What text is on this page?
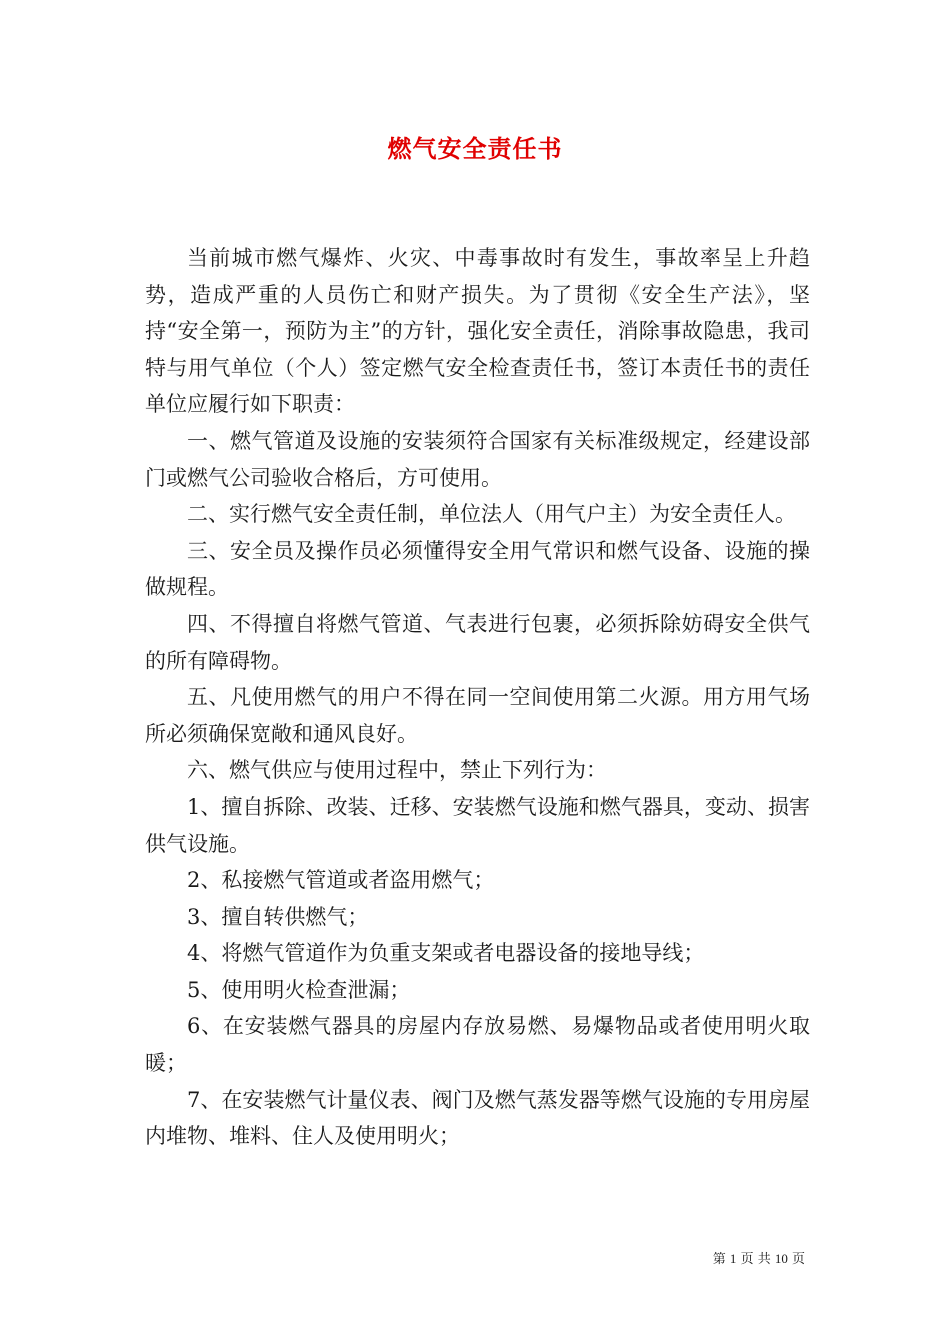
燃气安全责任书

当前城市燃气爆炸、火灾、中毒事故时有发生，事故率呈上升趋势，造成严重的人员伤亡和财产损失。为了贯彻《安全生产法》，坚持“安全第一，预防为主”的方针，强化安全责任，消除事故隐患，我司特与用气单位（个人）签定燃气安全检查责任书，签订本责任书的责任单位应履行如下职责：

一、燃气管道及设施的安装须符合国家有关标准级规定，经建设部门或燃气公司验收合格后，方可使用。

二、实行燃气安全责任制，单位法人（用气户主）为安全责任人。

三、安全员及操作员必须懂得安全用气常识和燃气设备、设施的操做规程。

四、不得擅自将燃气管道、气表进行包裹，必须拆除妨碍安全供气的所有障碍物。

五、凡使用燃气的用户不得在同一空间使用第二火源。用方用气场所必须确保宽敞和通风良好。

六、燃气供应与使用过程中，禁止下列行为：

1、擅自拆除、改装、迁移、安装燃气设施和燃气器具，变动、损害供气设施。

2、私接燃气管道或者盗用燃气；

3、擅自转供燃气；

4、将燃气管道作为负重支架或者电器设备的接地导线；

5、使用明火检查泄漏；

6、在安装燃气器具的房屋内存放易燃、易爆物品或者使用明火取暖；

7、在安装燃气计量仪表、阀门及燃气蒸发器等燃气设施的专用房屋内堆物、堆料、住人及使用明火；

第 1 页 共 10 页
